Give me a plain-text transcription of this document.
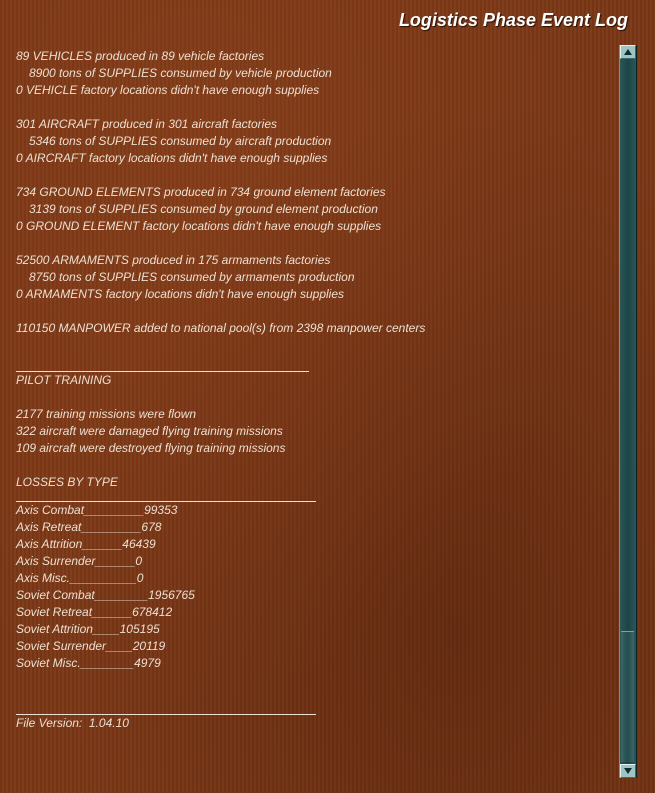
Logistics Phase Event Log
89 VEHICLES produced in 89 vehicle factories
8900 tons of SUPPLIES consumed by vehicle production
0 VEHICLE factory locations didn't have enough supplies
301 AIRCRAFT produced in 301 aircraft factories
5346 tons of SUPPLIES consumed by aircraft production
0 AIRCRAFT factory locations didn't have enough supplies
734 GROUND ELEMENTS produced in 734 ground element factories
3139 tons of SUPPLIES consumed by ground element production
0 GROUND ELEMENT factory locations didn't have enough supplies
52500 ARMAMENTS produced in 175 armaments factories
8750 tons of SUPPLIES consumed by armaments production
0 ARMAMENTS factory locations didn't have enough supplies
110150 MANPOWER added to national pool(s) from 2398 manpower centers
PILOT TRAINING
2177 training missions were flown
322 aircraft were damaged flying training missions
109 aircraft were destroyed flying training missions
LOSSES BY TYPE
Axis Combat_________99353
Axis Retreat_________678
Axis Attrition______46439
Axis Surrender______0
Axis Misc.__________0
Soviet Combat________1956765
Soviet Retreat______678412
Soviet Attrition____105195
Soviet Surrender____20119
Soviet Misc.________4979
File Version:  1.04.10
